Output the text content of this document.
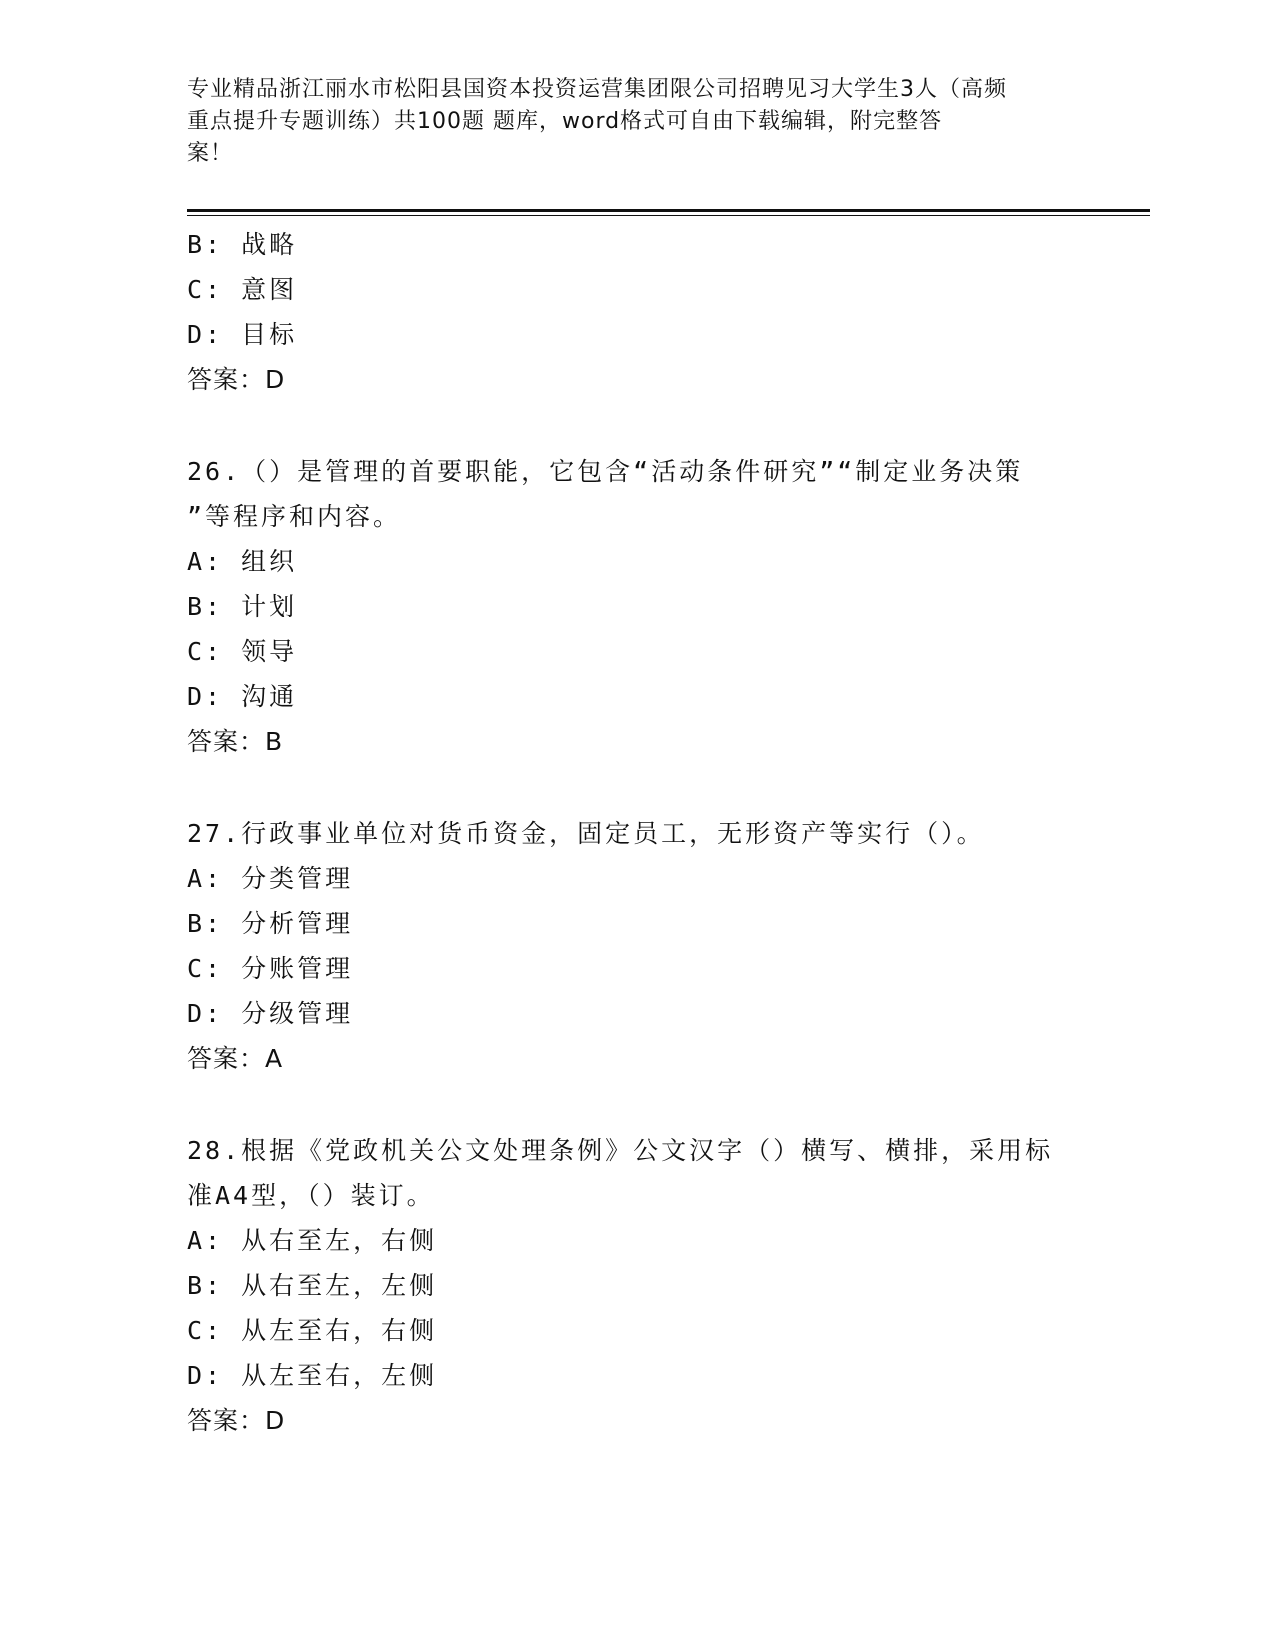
专业精品浙江丽水市松阳县国资本投资运营集团限公司招聘见习大学生3人（高频
重点提升专题训练）共100题 题库，word格式可自由下载编辑，附完整答
案！
B: 战略
C: 意图
D: 目标
答案：D
26.（）是管理的首要职能，它包含“活动条件研究”“制定业务决策
”等程序和内容。
A: 组织
B: 计划
C: 领导
D: 沟通
答案：B
27.行政事业单位对货币资金，固定员工，无形资产等实行（）。
A: 分类管理
B: 分析管理
C: 分账管理
D: 分级管理
答案：A
28.根据《党政机关公文处理条例》公文汉字（）横写、横排，采用标
准A4型，（）装订。
A: 从右至左，右侧
B: 从右至左，左侧
C: 从左至右，右侧
D: 从左至右，左侧
答案：D
